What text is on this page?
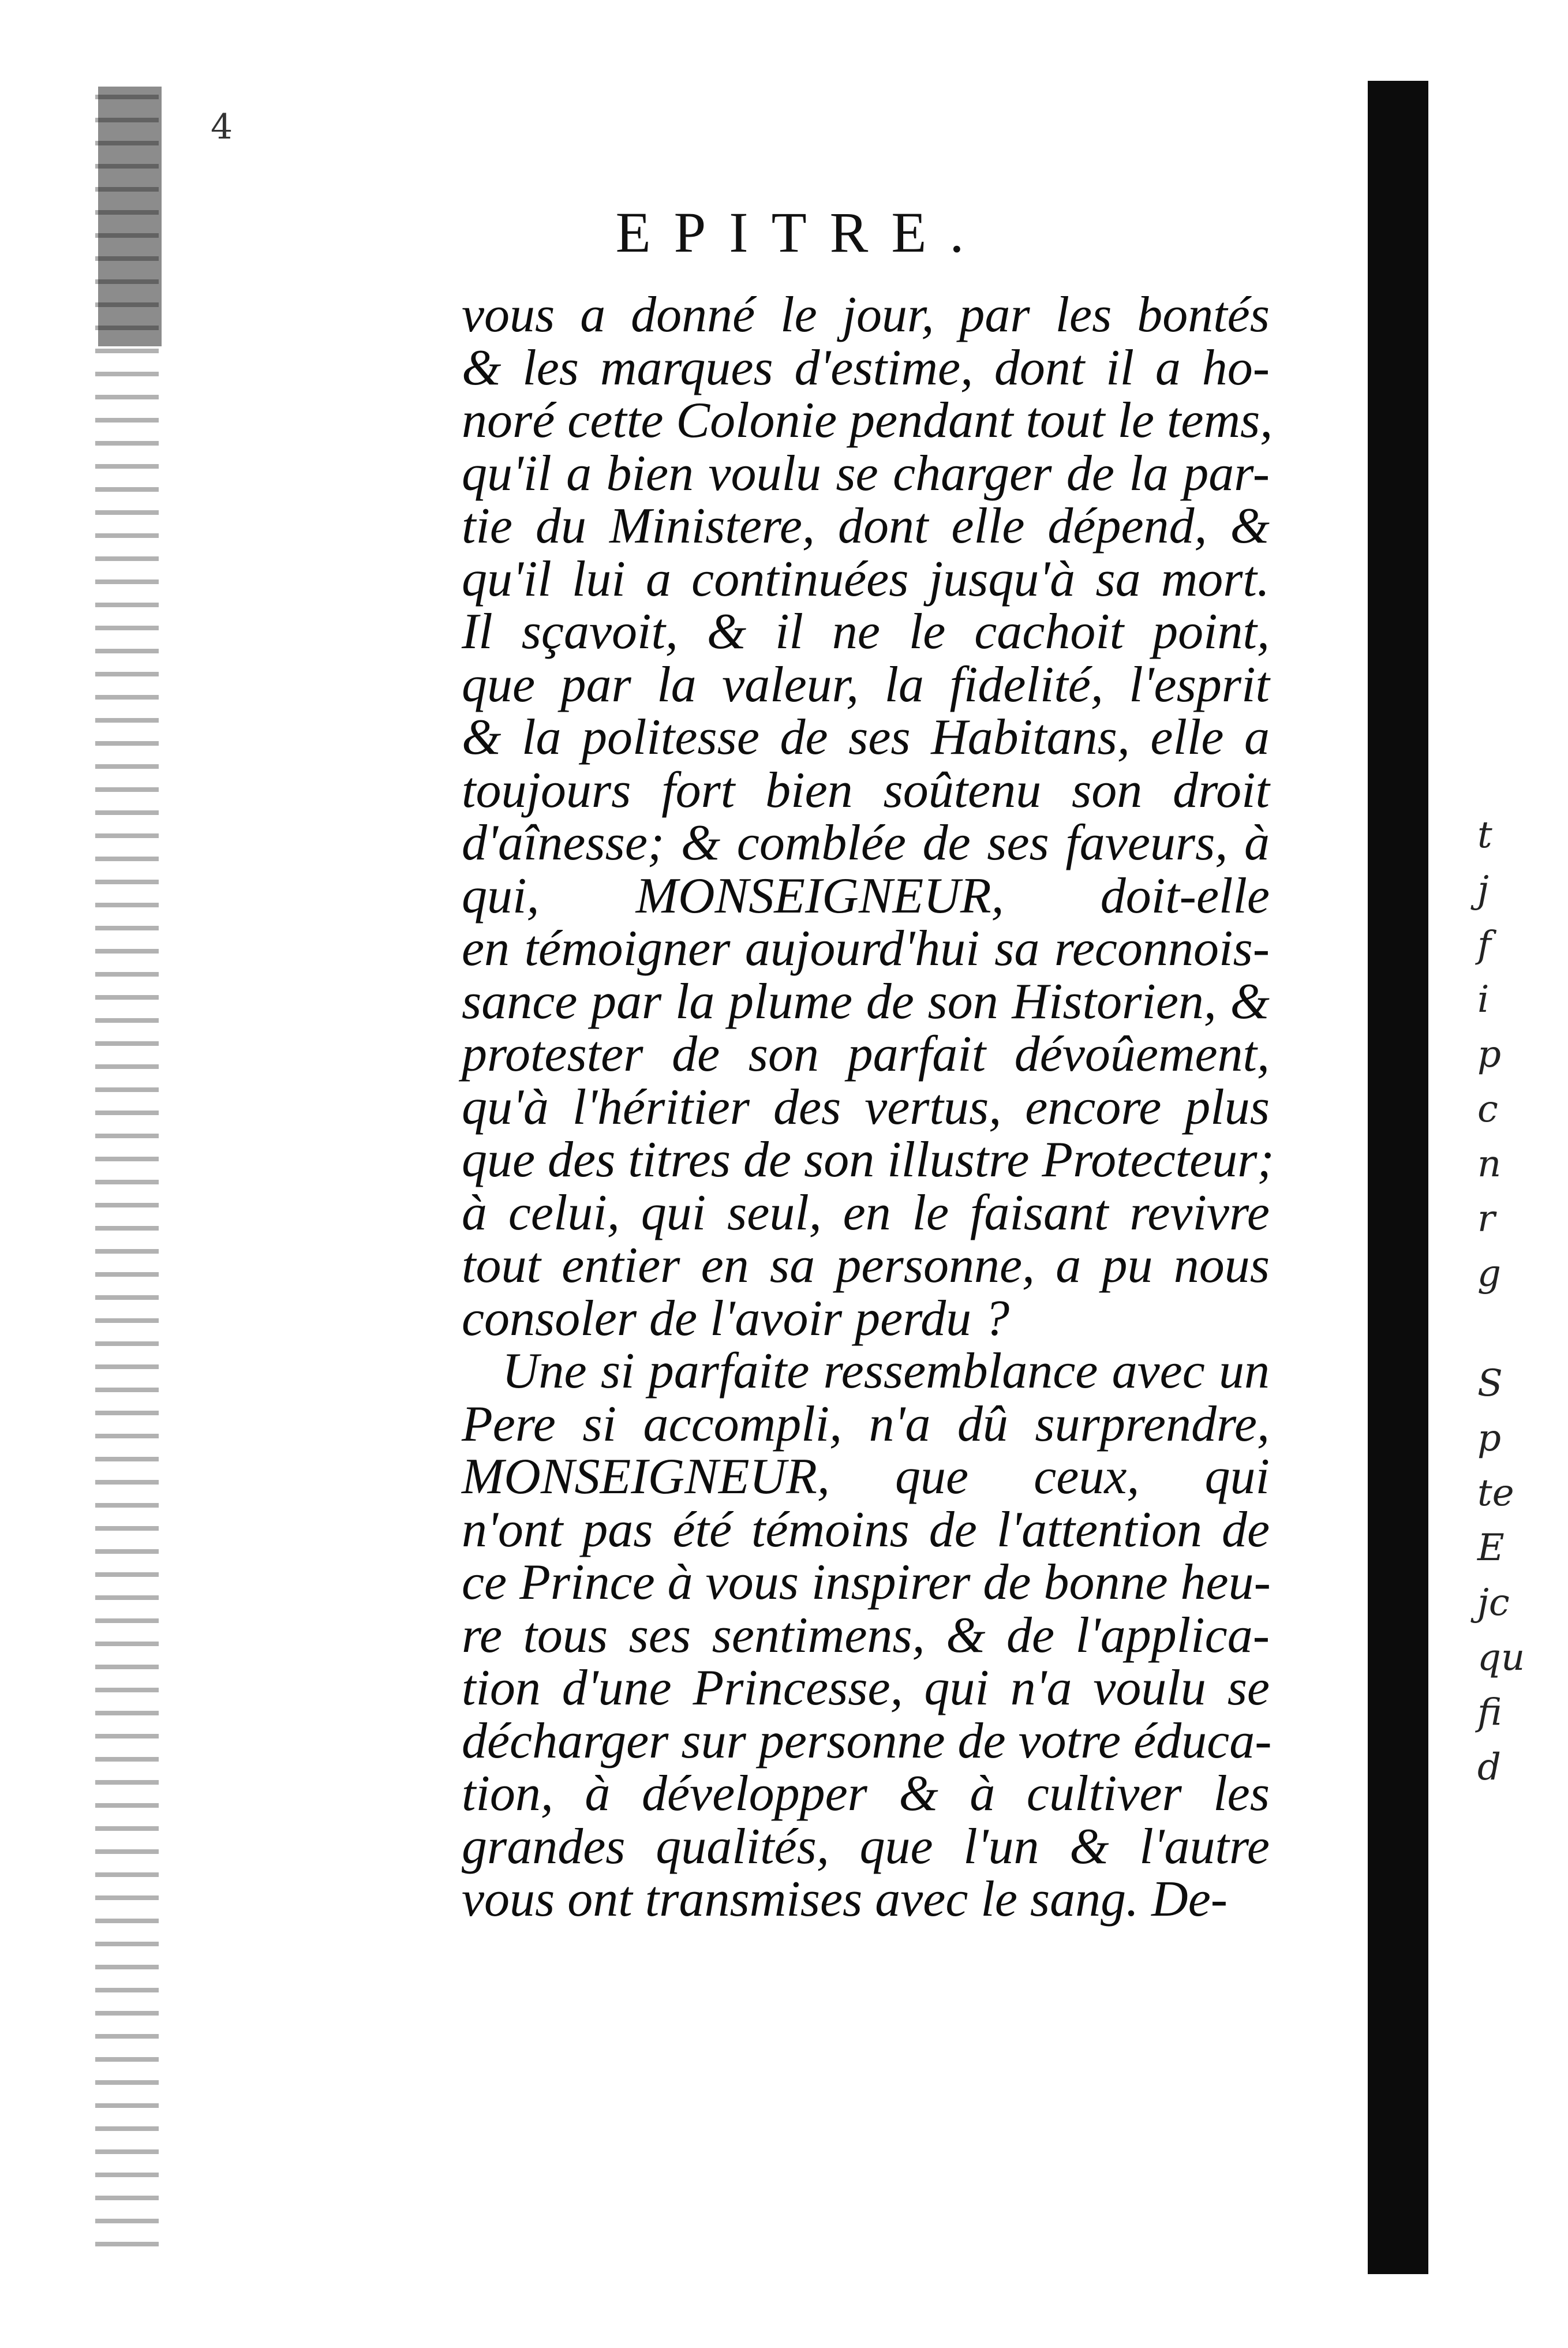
4
EPITRE.
vous a donné le jour, par les bontés
& les marques d'estime, dont il a ho-
noré cette Colonie pendant tout le tems,
qu'il a bien voulu se charger de la par-
tie du Ministere, dont elle dépend, &
qu'il lui a continuées jusqu'à sa mort.
Il sçavoit, & il ne le cachoit point,
que par la valeur, la fidelité, l'esprit
& la politesse de ses Habitans, elle a
toujours fort bien soûtenu son droit
d'aînesse; & comblée de ses faveurs, à
qui, MONSEIGNEUR, doit-elle
en témoigner aujourd'hui sa reconnois-
sance par la plume de son Historien, &
protester de son parfait dévoûement,
qu'à l'héritier des vertus, encore plus
que des titres de son illustre Protecteur;
à celui, qui seul, en le faisant revivre
tout entier en sa personne, a pu nous
consoler de l'avoir perdu ?
Une si parfaite ressemblance avec un
Pere si accompli, n'a dû surprendre,
MONSEIGNEUR, que ceux, qui
n'ont pas été témoins de l'attention de
ce Prince à vous inspirer de bonne heu-
re tous ses sentimens, & de l'applica-
tion d'une Princesse, qui n'a voulu se
décharger sur personne de votre éduca-
tion, à développer & à cultiver les
grandes qualités, que l'un & l'autre
vous ont transmises avec le sang. De-
t
j
f
i
p
c
n
r
g
S
p
te
E
jc
qu
fi
d
